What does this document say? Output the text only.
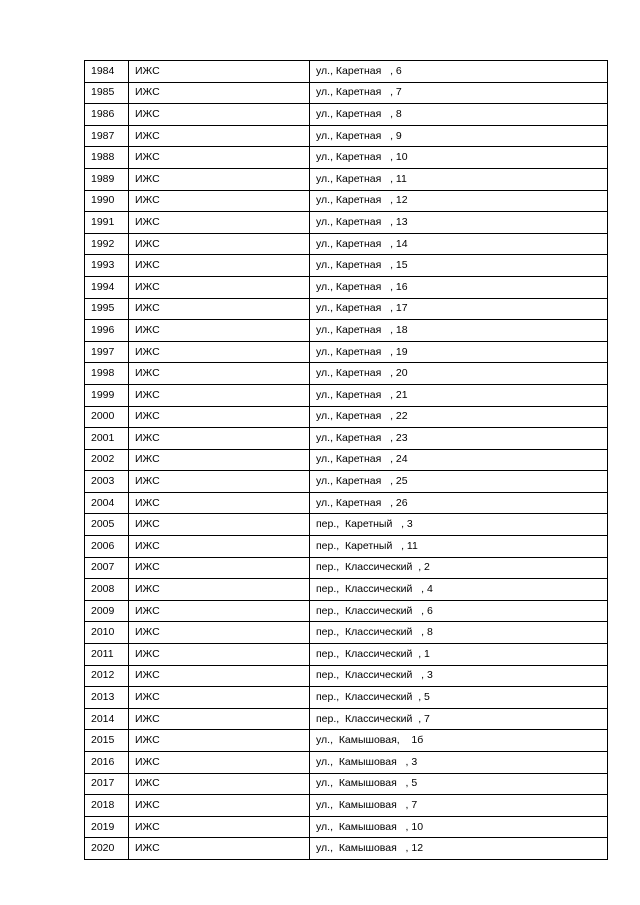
1984	ИЖС	ул., Каретная   , 6
1985	ИЖС	ул., Каретная   , 7
1986	ИЖС	ул., Каретная   , 8
1987	ИЖС	ул., Каретная   , 9
1988	ИЖС	ул., Каретная   , 10
1989	ИЖС	ул., Каретная   , 11
1990	ИЖС	ул., Каретная   , 12
1991	ИЖС	ул., Каретная   , 13
1992	ИЖС	ул., Каретная   , 14
1993	ИЖС	ул., Каретная   , 15
1994	ИЖС	ул., Каретная   , 16
1995	ИЖС	ул., Каретная   , 17
1996	ИЖС	ул., Каретная   , 18
1997	ИЖС	ул., Каретная   , 19
1998	ИЖС	ул., Каретная   , 20
1999	ИЖС	ул., Каретная   , 21
2000	ИЖС	ул., Каретная   , 22
2001	ИЖС	ул., Каретная   , 23
2002	ИЖС	ул., Каретная   , 24
2003	ИЖС	ул., Каретная   , 25
2004	ИЖС	ул., Каретная   , 26
2005	ИЖС	пер.,  Каретный   , 3
2006	ИЖС	пер.,  Каретный   , 11
2007	ИЖС	пер.,  Классический  , 2
2008	ИЖС	пер.,  Классический   , 4
2009	ИЖС	пер.,  Классический   , 6
2010	ИЖС	пер.,  Классический   , 8
2011	ИЖС	пер.,  Классический  , 1
2012	ИЖС	пер.,  Классический   , 3
2013	ИЖС	пер.,  Классический  , 5
2014	ИЖС	пер.,  Классический  , 7
2015	ИЖС	ул.,  Камышовая,    1б
2016	ИЖС	ул.,  Камышовая   , 3
2017	ИЖС	ул.,  Камышовая   , 5
2018	ИЖС	ул.,  Камышовая   , 7
2019	ИЖС	ул.,  Камышовая   , 10
2020	ИЖС	ул.,  Камышовая   , 12
